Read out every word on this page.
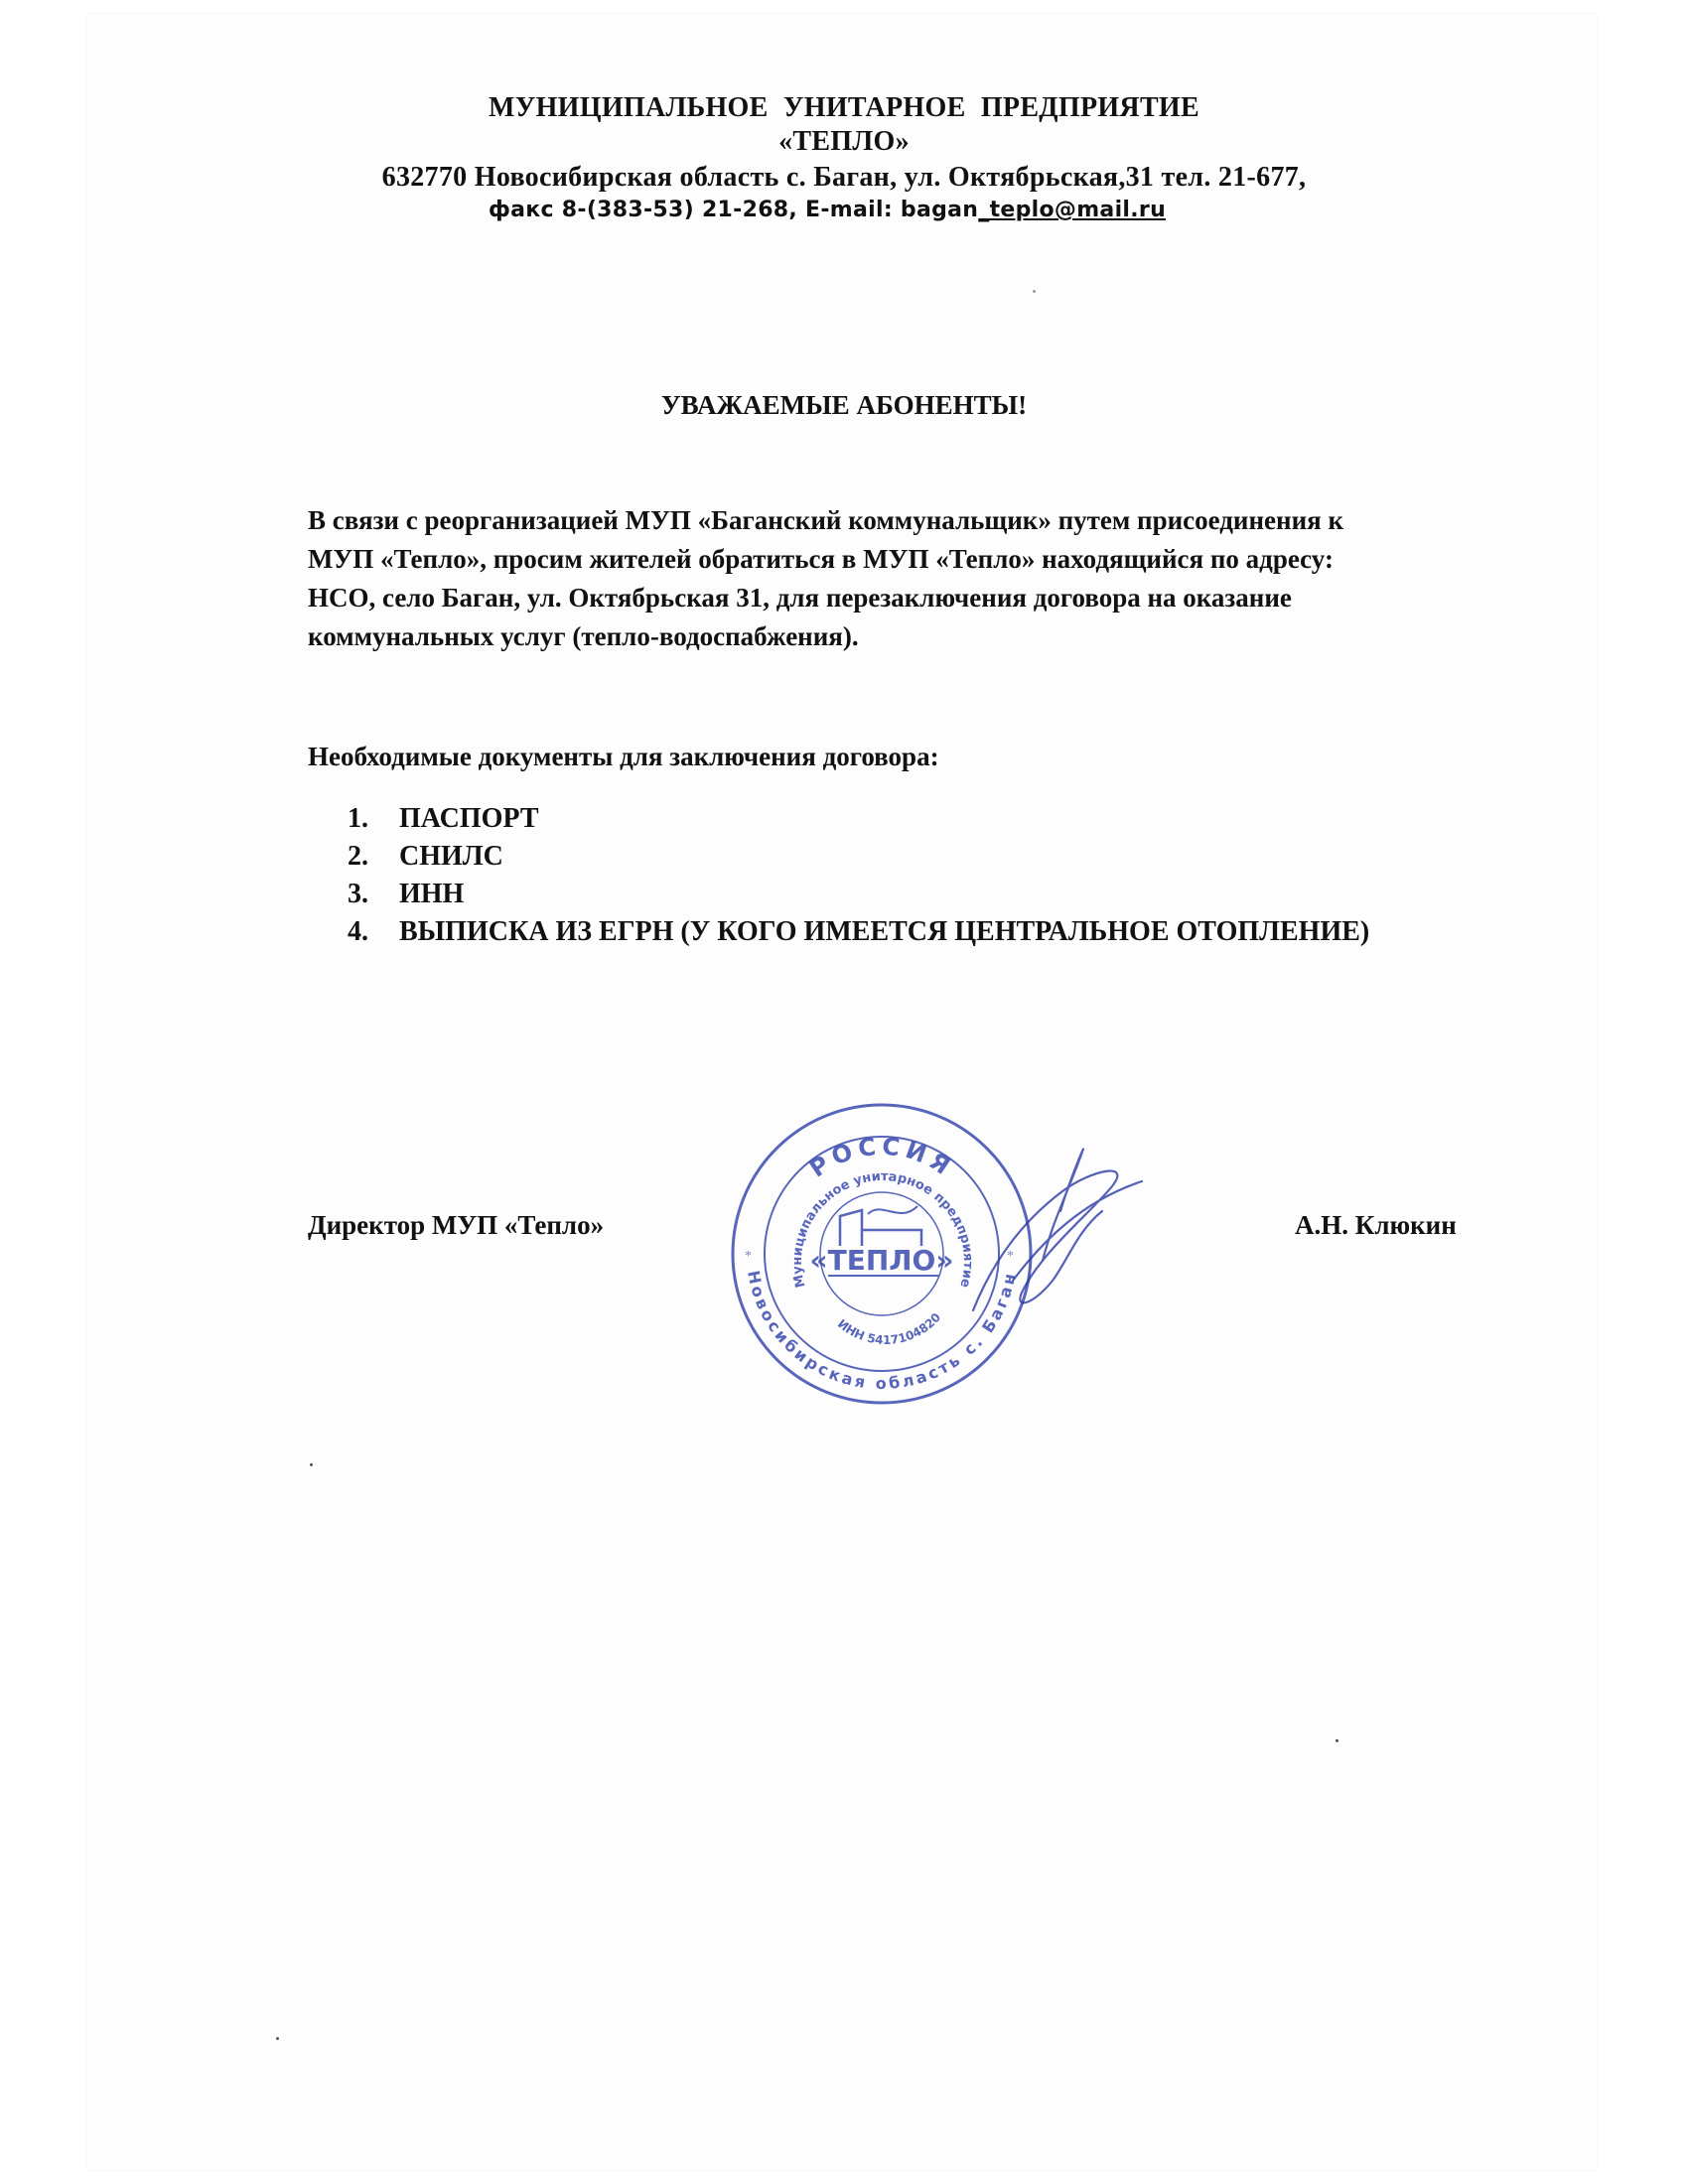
МУНИЦИПАЛЬНОЕ УНИТАРНОЕ ПРЕДПРИЯТИЕ
«ТЕПЛО»
632770 Новосибирская область с. Баган, ул. Октябрьская,31 тел. 21-677,
факс 8-(383-53) 21-268, E-mail: bagan_teplo@mail.ru
УВАЖАЕМЫЕ АБОНЕНТЫ!
В связи с реорганизацией МУП «Баганский коммунальщик» путем присоединения к
МУП «Тепло», просим жителей обратиться в МУП «Тепло» находящийся по адресу:
НСО, село Баган, ул. Октябрьская 31, для перезаключения договора на оказание
коммунальных услуг (тепло-водоспабжения).
Необходимые документы для заключения договора:
1. ПАСПОРТ
2. СНИЛС
3. ИНН
4. ВЫПИСКА ИЗ ЕГРН (У КОГО ИМЕЕТСЯ ЦЕНТРАЛЬНОЕ ОТОПЛЕНИЕ)
Директор МУП «Тепло»	А.Н. Клюкин
РОССИЯ
Муниципальное унитарное предприятие
Новосибирская область с. Баган
ИНН 5417104820
«ТЕПЛО»
*	*
